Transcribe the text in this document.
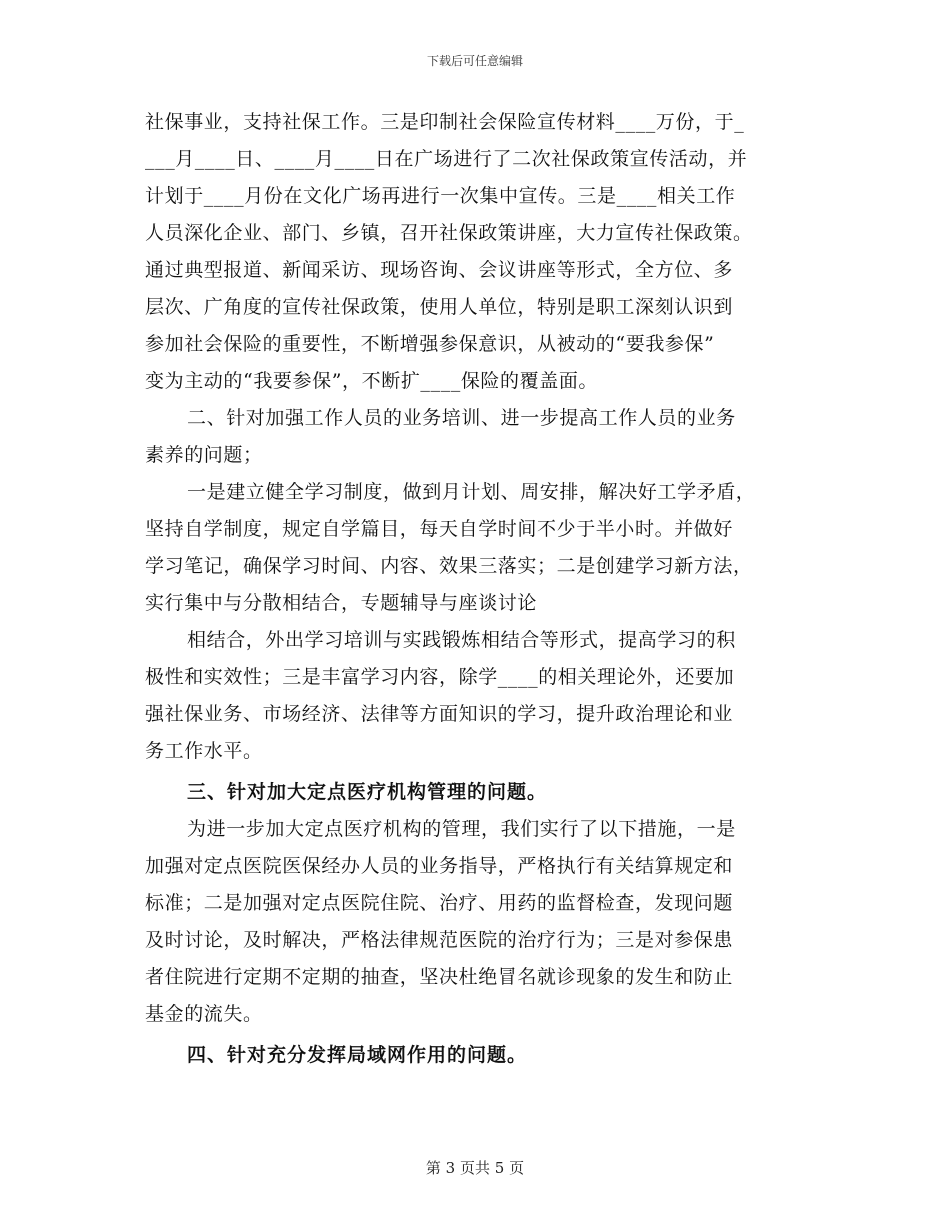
下载后可任意编辑
社保事业，支持社保工作。三是印制社会保险宣传材料____万份，于_
___月____日、____月____日在广场进行了二次社保政策宣传活动，并
计划于____月份在文化广场再进行一次集中宣传。三是____相关工作
人员深化企业、部门、乡镇，召开社保政策讲座，大力宣传社保政策。
通过典型报道、新闻采访、现场咨询、会议讲座等形式，全方位、多
层次、广角度的宣传社保政策，使用人单位，特别是职工深刻认识到
参加社会保险的重要性，不断增强参保意识，从被动的“要我参保”
变为主动的“我要参保”，不断扩____保险的覆盖面。
二、针对加强工作人员的业务培训、进一步提高工作人员的业务
素养的问题；
一是建立健全学习制度，做到月计划、周安排，解决好工学矛盾，
坚持自学制度，规定自学篇目，每天自学时间不少于半小时。并做好
学习笔记，确保学习时间、内容、效果三落实；二是创建学习新方法，
实行集中与分散相结合，专题辅导与座谈讨论
相结合，外出学习培训与实践锻炼相结合等形式，提高学习的积
极性和实效性；三是丰富学习内容，除学____的相关理论外，还要加
强社保业务、市场经济、法律等方面知识的学习，提升政治理论和业
务工作水平。
三、针对加大定点医疗机构管理的问题。
为进一步加大定点医疗机构的管理，我们实行了以下措施，一是
加强对定点医院医保经办人员的业务指导，严格执行有关结算规定和
标准；二是加强对定点医院住院、治疗、用药的监督检查，发现问题
及时讨论，及时解决，严格法律规范医院的治疗行为；三是对参保患
者住院进行定期不定期的抽查，坚决杜绝冒名就诊现象的发生和防止
基金的流失。
四、针对充分发挥局域网作用的问题。
第 3 页共 5 页
